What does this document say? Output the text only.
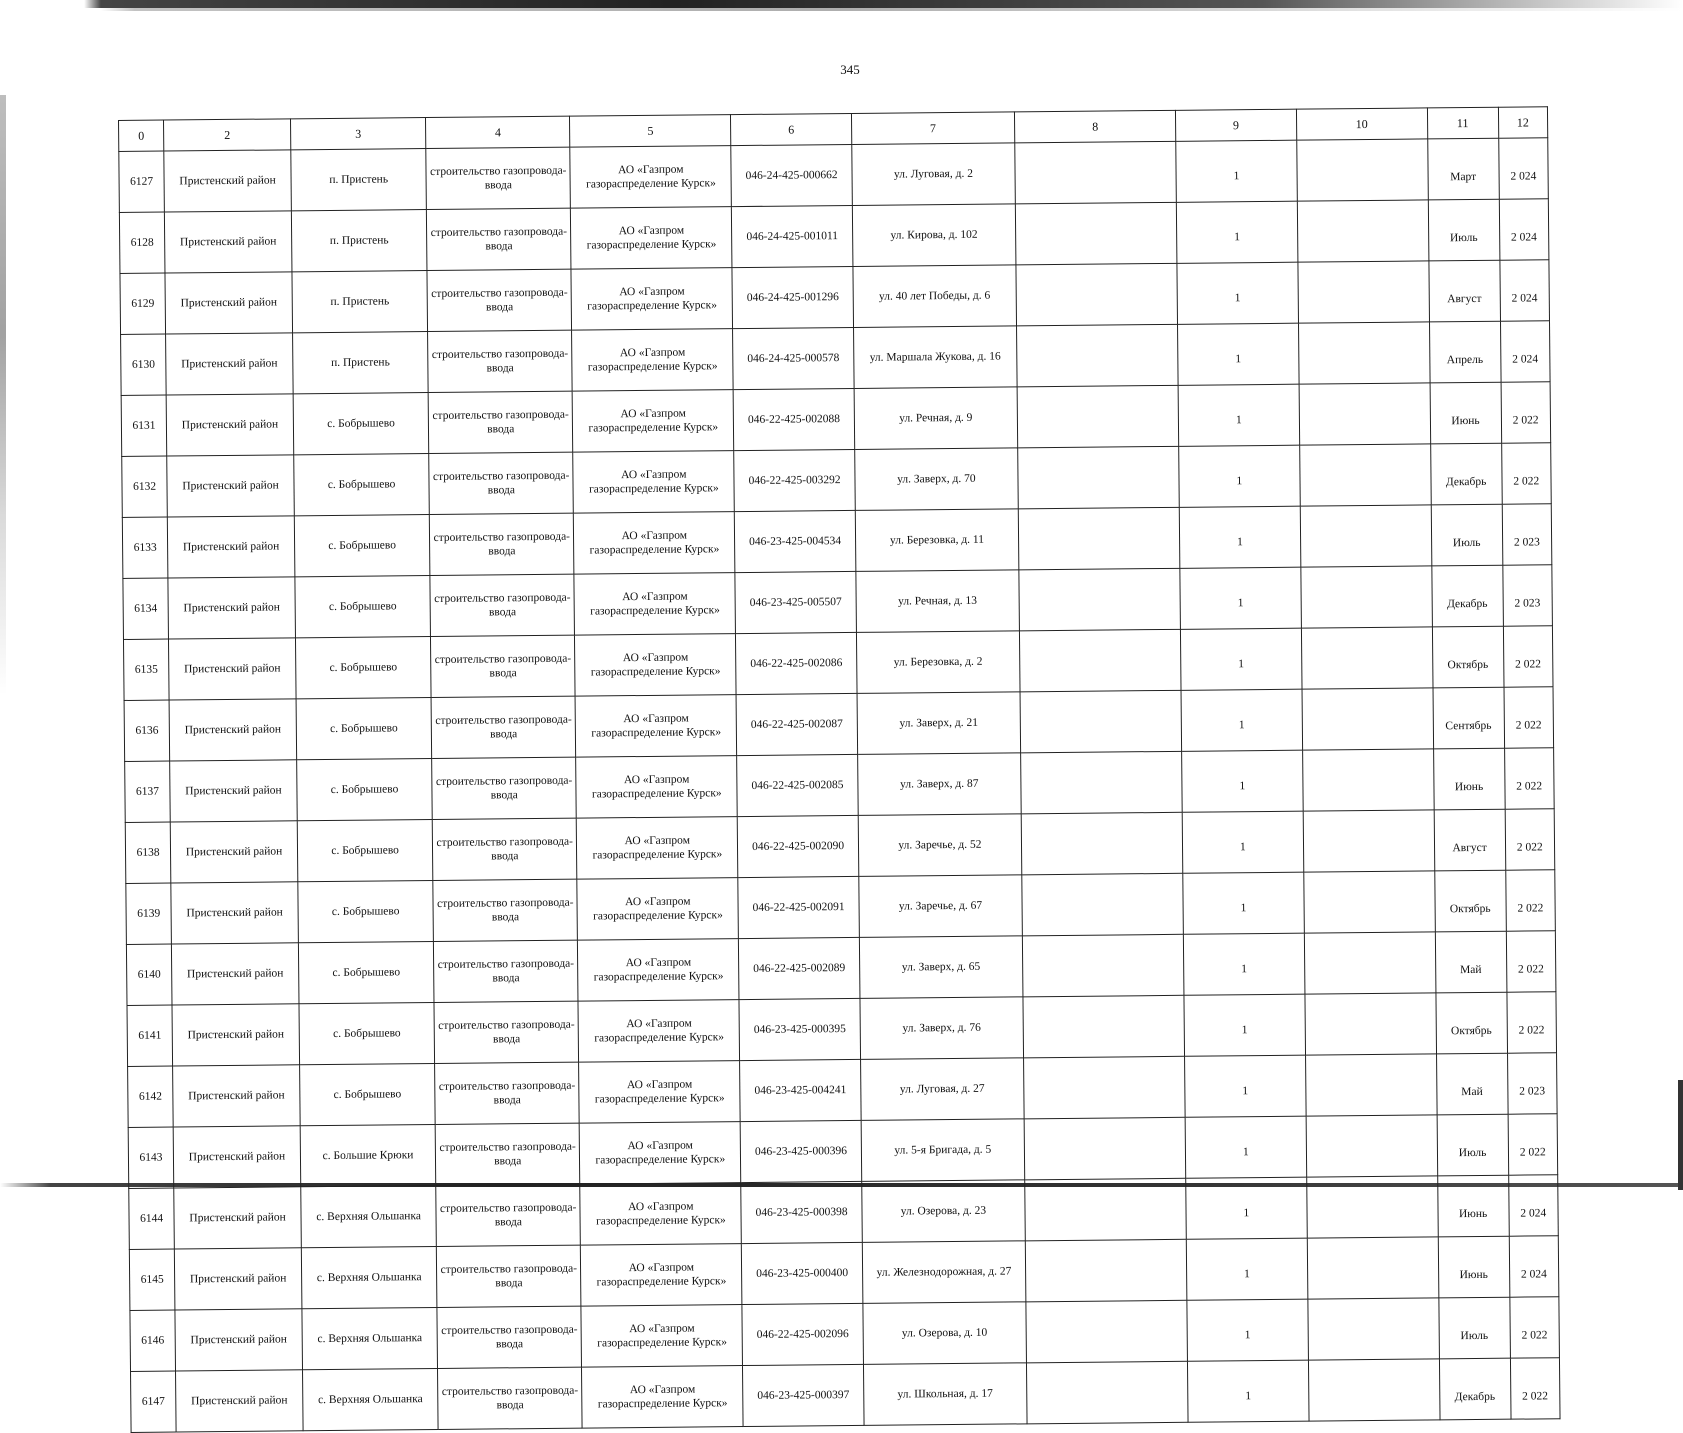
345
0	2	3	4	5	6	7	8	9	10	11	12
6127	Пристенский район	п. Пристень	строительство газопровода-ввода	АО «Газпром газораспределение Курск»	046-24-425-000662	ул. Луговая, д. 2		1		Март	2 024
6128	Пристенский район	п. Пристень	строительство газопровода-ввода	АО «Газпром газораспределение Курск»	046-24-425-001011	ул. Кирова, д. 102		1		Июль	2 024
6129	Пристенский район	п. Пристень	строительство газопровода-ввода	АО «Газпром газораспределение Курск»	046-24-425-001296	ул. 40 лет Победы, д. 6		1		Август	2 024
6130	Пристенский район	п. Пристень	строительство газопровода-ввода	АО «Газпром газораспределение Курск»	046-24-425-000578	ул. Маршала Жукова, д. 16		1		Апрель	2 024
6131	Пристенский район	с. Бобрышево	строительство газопровода-ввода	АО «Газпром газораспределение Курск»	046-22-425-002088	ул. Речная, д. 9		1		Июнь	2 022
6132	Пристенский район	с. Бобрышево	строительство газопровода-ввода	АО «Газпром газораспределение Курск»	046-22-425-003292	ул. Заверх, д. 70		1		Декабрь	2 022
6133	Пристенский район	с. Бобрышево	строительство газопровода-ввода	АО «Газпром газораспределение Курск»	046-23-425-004534	ул. Березовка, д. 11		1		Июль	2 023
6134	Пристенский район	с. Бобрышево	строительство газопровода-ввода	АО «Газпром газораспределение Курск»	046-23-425-005507	ул. Речная, д. 13		1		Декабрь	2 023
6135	Пристенский район	с. Бобрышево	строительство газопровода-ввода	АО «Газпром газораспределение Курск»	046-22-425-002086	ул. Березовка, д. 2		1		Октябрь	2 022
6136	Пристенский район	с. Бобрышево	строительство газопровода-ввода	АО «Газпром газораспределение Курск»	046-22-425-002087	ул. Заверх, д. 21		1		Сентябрь	2 022
6137	Пристенский район	с. Бобрышево	строительство газопровода-ввода	АО «Газпром газораспределение Курск»	046-22-425-002085	ул. Заверх, д. 87		1		Июнь	2 022
6138	Пристенский район	с. Бобрышево	строительство газопровода-ввода	АО «Газпром газораспределение Курск»	046-22-425-002090	ул. Заречье, д. 52		1		Август	2 022
6139	Пристенский район	с. Бобрышево	строительство газопровода-ввода	АО «Газпром газораспределение Курск»	046-22-425-002091	ул. Заречье, д. 67		1		Октябрь	2 022
6140	Пристенский район	с. Бобрышево	строительство газопровода-ввода	АО «Газпром газораспределение Курск»	046-22-425-002089	ул. Заверх, д. 65		1		Май	2 022
6141	Пристенский район	с. Бобрышево	строительство газопровода-ввода	АО «Газпром газораспределение Курск»	046-23-425-000395	ул. Заверх, д. 76		1		Октябрь	2 022
6142	Пристенский район	с. Бобрышево	строительство газопровода-ввода	АО «Газпром газораспределение Курск»	046-23-425-004241	ул. Луговая, д. 27		1		Май	2 023
6143	Пристенский район	с. Большие Крюки	строительство газопровода-ввода	АО «Газпром газораспределение Курск»	046-23-425-000396	ул. 5-я Бригада, д. 5		1		Июль	2 022
6144	Пристенский район	с. Верхняя Ольшанка	строительство газопровода-ввода	АО «Газпром газораспределение Курск»	046-23-425-000398	ул. Озерова, д. 23		1		Июнь	2 024
6145	Пристенский район	с. Верхняя Ольшанка	строительство газопровода-ввода	АО «Газпром газораспределение Курск»	046-23-425-000400	ул. Железнодорожная, д. 27		1		Июнь	2 024
6146	Пристенский район	с. Верхняя Ольшанка	строительство газопровода-ввода	АО «Газпром газораспределение Курск»	046-22-425-002096	ул. Озерова, д. 10		1		Июль	2 022
6147	Пристенский район	с. Верхняя Ольшанка	строительство газопровода-ввода	АО «Газпром газораспределение Курск»	046-23-425-000397	ул. Школьная, д. 17		1		Декабрь	2 022
